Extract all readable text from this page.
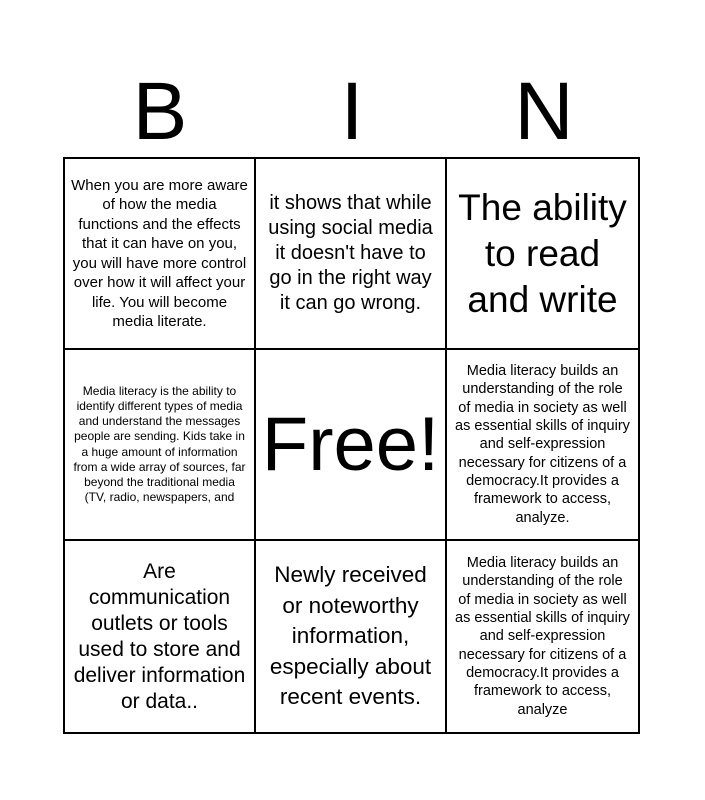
B	I	N
When you are more aware of how the media functions and the effects that it can have on you, you will have more control over how it will affect your life. You will become media literate.
it shows that while using social media it doesn't have to go in the right way it can go wrong.
The ability to read and write
Media literacy is the ability to identify different types of media and understand the messages people are sending. Kids take in a huge amount of information from a wide array of sources, far beyond the traditional media (TV, radio, newspapers, and
Free!
Media literacy builds an understanding of the role of media in society as well as essential skills of inquiry and self-expression necessary for citizens of a democracy.It provides a framework to access, analyze.
Are communication outlets or tools used to store and deliver information or data..
Newly received or noteworthy information, especially about recent events.
Media literacy builds an understanding of the role of media in society as well as essential skills of inquiry and self-expression necessary for citizens of a democracy.It provides a framework to access, analyze
